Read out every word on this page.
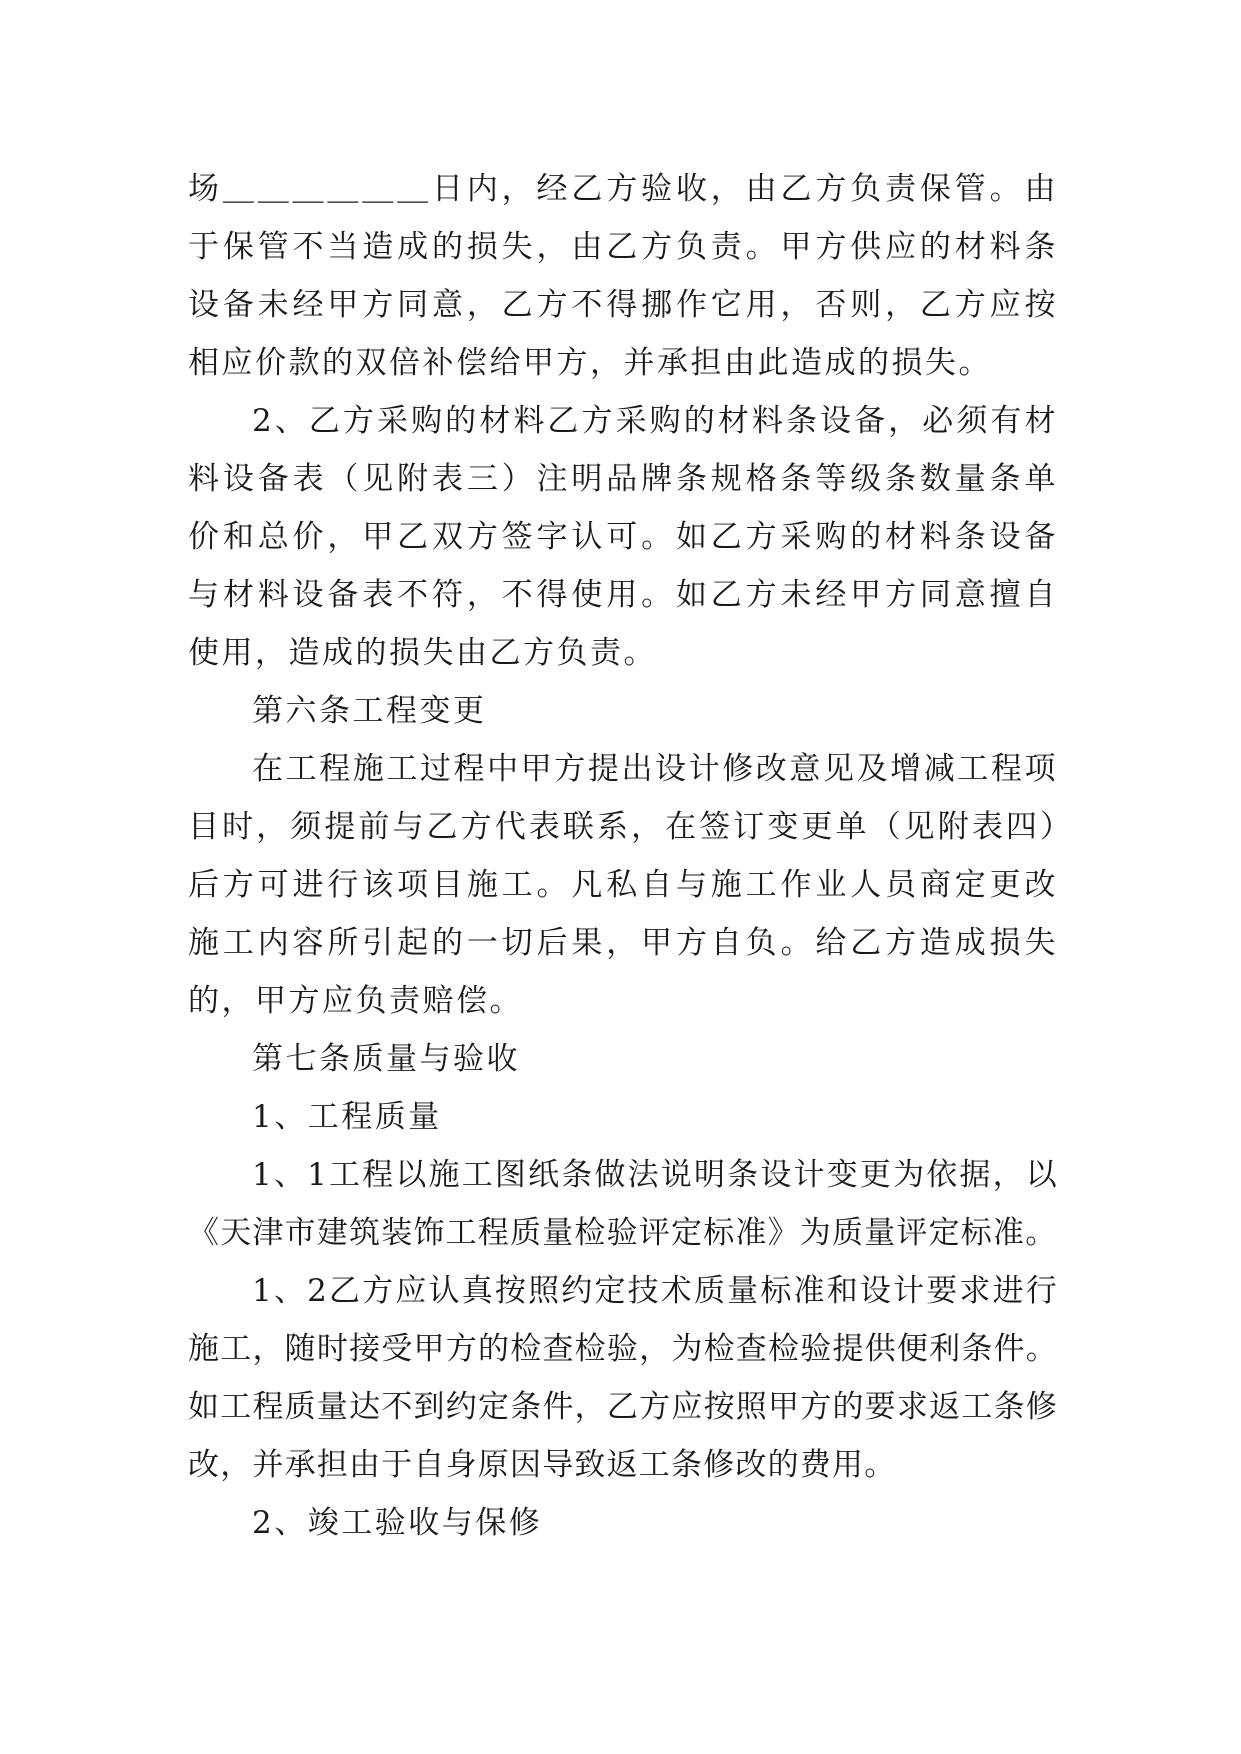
场＿＿＿＿＿＿日内，经乙方验收，由乙方负责保管。由于保管不当造成的损失，由乙方负责。甲方供应的材料条设备未经甲方同意，乙方不得挪作它用，否则，乙方应按相应价款的双倍补偿给甲方，并承担由此造成的损失。

2、乙方采购的材料乙方采购的材料条设备，必须有材料设备表（见附表三）注明品牌条规格条等级条数量条单价和总价，甲乙双方签字认可。如乙方采购的材料条设备与材料设备表不符，不得使用。如乙方未经甲方同意擅自使用，造成的损失由乙方负责。

第六条工程变更

在工程施工过程中甲方提出设计修改意见及增减工程项目时，须提前与乙方代表联系，在签订变更单（见附表四）后方可进行该项目施工。凡私自与施工作业人员商定更改施工内容所引起的一切后果，甲方自负。给乙方造成损失的，甲方应负责赔偿。

第七条质量与验收

1、工程质量

1、1工程以施工图纸条做法说明条设计变更为依据，以《天津市建筑装饰工程质量检验评定标准》为质量评定标准。

1、2乙方应认真按照约定技术质量标准和设计要求进行施工，随时接受甲方的检查检验，为检查检验提供便利条件。如工程质量达不到约定条件，乙方应按照甲方的要求返工条修改，并承担由于自身原因导致返工条修改的费用。

2、竣工验收与保修
